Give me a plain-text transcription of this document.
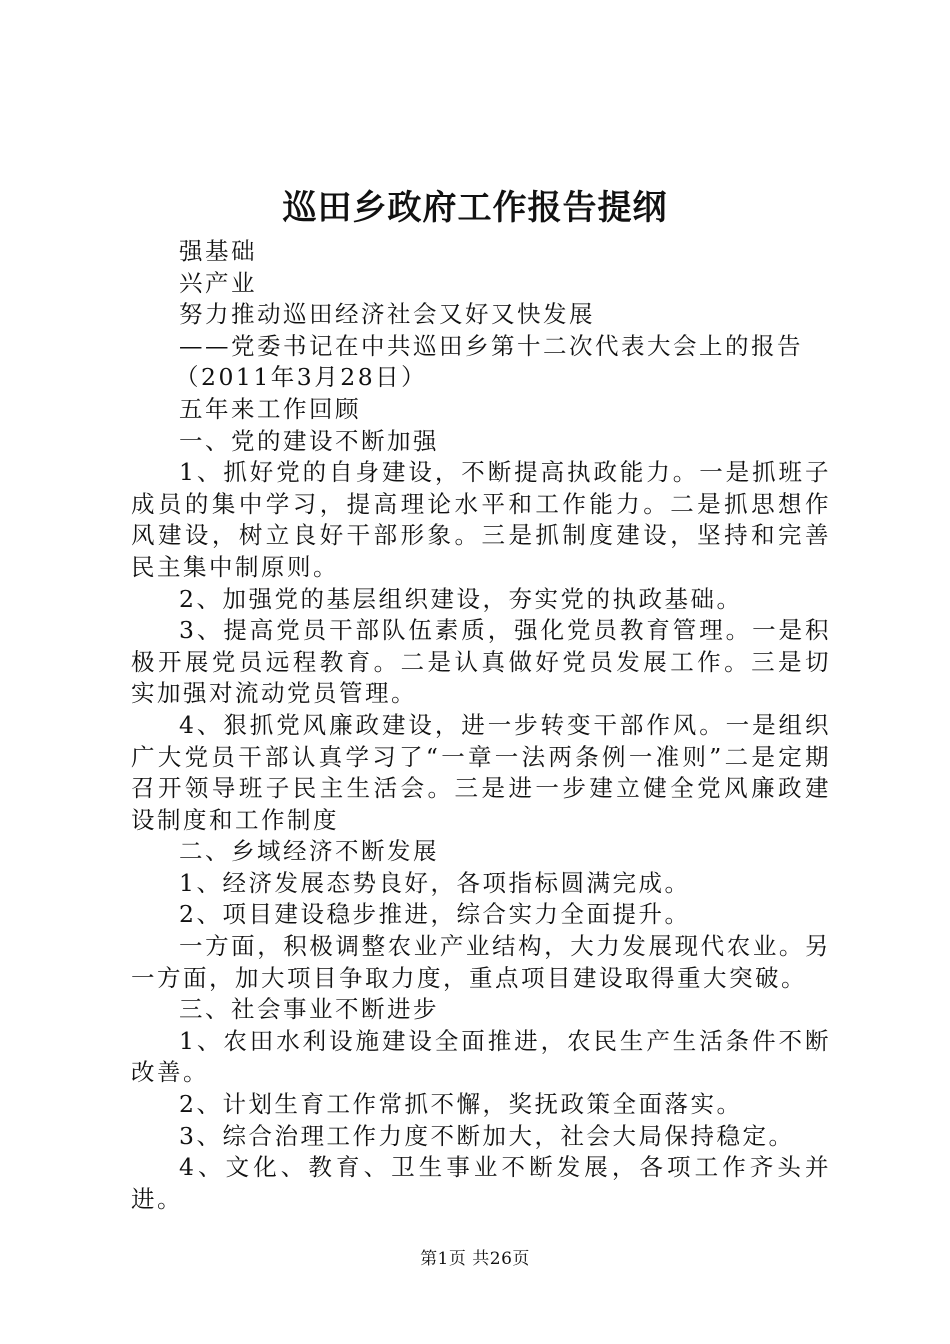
巡田乡政府工作报告提纲
强基础
兴产业
努力推动巡田经济社会又好又快发展
——党委书记在中共巡田乡第十二次代表大会上的报告
（2011年3月28日）
五年来工作回顾
一、党的建设不断加强
1、抓好党的自身建设，不断提高执政能力。一是抓班子成员的集中学习，提高理论水平和工作能力。二是抓思想作风建设，树立良好干部形象。三是抓制度建设，坚持和完善民主集中制原则。
2、加强党的基层组织建设，夯实党的执政基础。
3、提高党员干部队伍素质，强化党员教育管理。一是积极开展党员远程教育。二是认真做好党员发展工作。三是切实加强对流动党员管理。
4、狠抓党风廉政建设，进一步转变干部作风。一是组织广大党员干部认真学习了“一章一法两条例一准则”二是定期召开领导班子民主生活会。三是进一步建立健全党风廉政建设制度和工作制度
二、乡域经济不断发展
1、经济发展态势良好，各项指标圆满完成。
2、项目建设稳步推进，综合实力全面提升。
一方面，积极调整农业产业结构，大力发展现代农业。另一方面，加大项目争取力度，重点项目建设取得重大突破。
三、社会事业不断进步
1、农田水利设施建设全面推进，农民生产生活条件不断改善。
2、计划生育工作常抓不懈，奖抚政策全面落实。
3、综合治理工作力度不断加大，社会大局保持稳定。
4、文化、教育、卫生事业不断发展，各项工作齐头并进。
第1页 共26页
